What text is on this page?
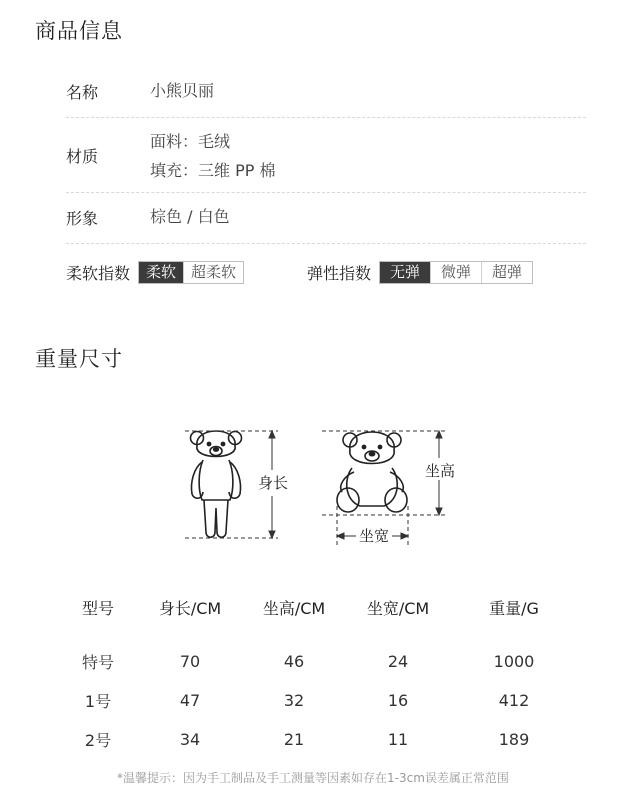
商品信息
名称	小熊贝丽
材质
面料：毛绒
填充：三维 PP 棉
形象	棕色 / 白色
柔软指数	柔软	超柔软	弹性指数	无弹	微弹	超弹
重量尺寸
身长
坐高
坐宽
型号	身长/CM	坐高/CM	坐宽/CM	重量/G
特号	70	46	24	1000
1号	47	32	16	412
2号	34	21	11	189
*温馨提示：因为手工制品及手工测量等因素如存在1-3cm误差属正常范围
